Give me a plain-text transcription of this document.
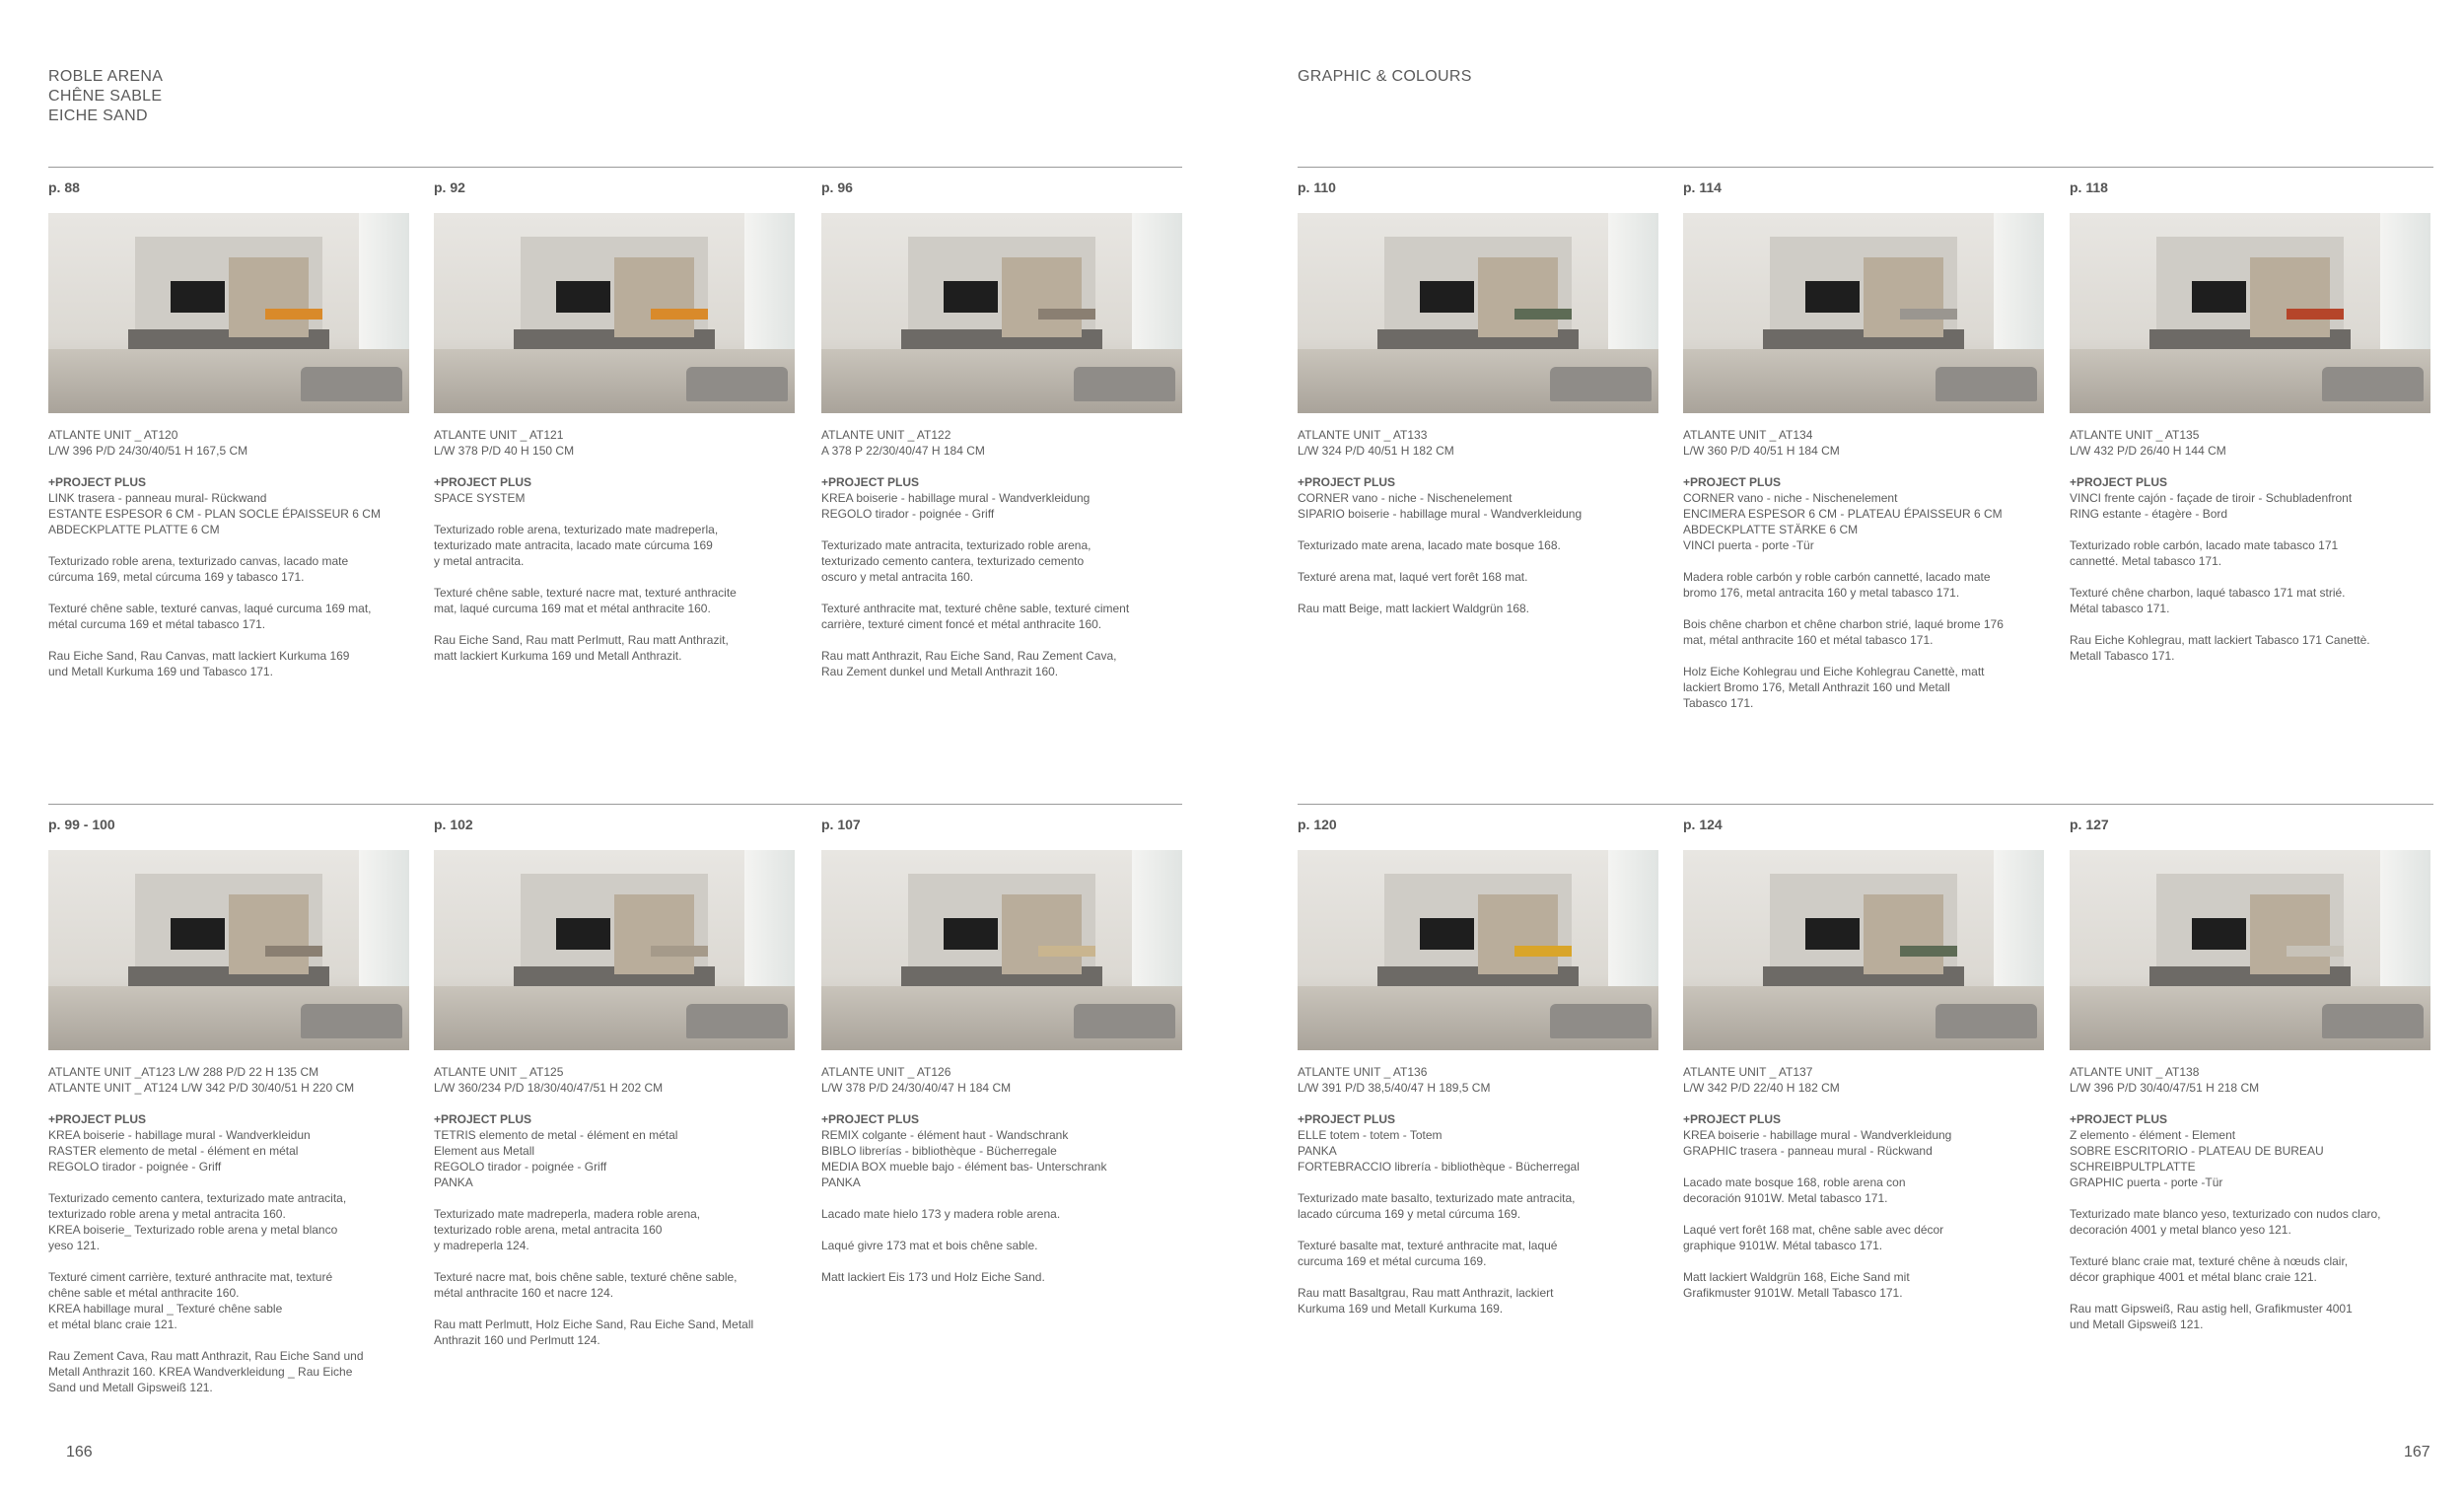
ROBLE ARENA
CHÊNE SABLE
EICHE SAND
GRAPHIC & COLOURS
p. 88
ATLANTE UNIT _ AT120
L/W 396 P/D 24/30/40/51 H 167,5 CM
+PROJECT PLUS
LINK trasera - panneau mural- Rückwand
ESTANTE ESPESOR 6 CM - PLAN SOCLE ÉPAISSEUR 6 CM
ABDECKPLATTE PLATTE 6 CM
Texturizado roble arena, texturizado canvas, lacado mate
cúrcuma 169, metal cúrcuma 169 y tabasco 171.
Texturé chêne sable, texturé canvas, laqué curcuma 169 mat,
métal curcuma 169 et métal tabasco 171.
Rau Eiche Sand, Rau Canvas, matt lackiert Kurkuma 169
und Metall Kurkuma 169 und Tabasco 171.
p. 92
ATLANTE UNIT _ AT121
L/W 378 P/D 40 H 150 CM
+PROJECT PLUS
SPACE SYSTEM
Texturizado roble arena, texturizado mate madreperla,
texturizado mate antracita, lacado mate cúrcuma 169
y metal antracita.
Texturé chêne sable, texturé nacre mat, texturé anthracite
mat, laqué curcuma 169 mat et métal anthracite 160.
Rau Eiche Sand, Rau matt Perlmutt, Rau matt Anthrazit,
matt lackiert Kurkuma 169 und Metall Anthrazit.
p. 96
ATLANTE UNIT _ AT122
A 378 P 22/30/40/47 H 184 CM
+PROJECT PLUS
KREA boiserie - habillage mural - Wandverkleidung
REGOLO tirador - poignée - Griff
Texturizado mate antracita, texturizado roble arena,
texturizado cemento cantera, texturizado cemento
oscuro y metal antracita 160.
Texturé anthracite mat, texturé chêne sable, texturé ciment
carrière, texturé ciment foncé et métal anthracite 160.
Rau matt Anthrazit, Rau Eiche Sand, Rau Zement Cava,
Rau Zement dunkel und Metall Anthrazit 160.
p. 110
ATLANTE UNIT _ AT133
L/W 324 P/D 40/51 H 182 CM
+PROJECT PLUS
CORNER vano - niche - Nischenelement
SIPARIO boiserie - habillage mural - Wandverkleidung
Texturizado mate arena, lacado mate bosque 168.
Texturé arena mat, laqué vert forêt 168 mat.
Rau matt Beige, matt lackiert Waldgrün 168.
p. 114
ATLANTE UNIT _ AT134
L/W 360 P/D 40/51 H 184 CM
+PROJECT PLUS
CORNER vano - niche - Nischenelement
ENCIMERA ESPESOR 6 CM - PLATEAU ÉPAISSEUR 6 CM
ABDECKPLATTE STÄRKE 6 CM
VINCI puerta - porte -Tür
Madera roble carbón y roble carbón cannetté, lacado mate
bromo 176, metal antracita 160 y metal tabasco 171.
Bois chêne charbon et chêne charbon strié, laqué brome 176
mat, métal anthracite 160 et métal tabasco 171.
Holz Eiche Kohlegrau und Eiche Kohlegrau Canettè, matt
lackiert Bromo 176, Metall Anthrazit 160 und Metall
Tabasco 171.
p. 118
ATLANTE UNIT _ AT135
L/W 432 P/D 26/40 H 144 CM
+PROJECT PLUS
VINCI frente cajón - façade de tiroir - Schubladenfront
RING estante - étagère - Bord
Texturizado roble carbón, lacado mate tabasco 171
cannetté. Metal tabasco 171.
Texturé chêne charbon, laqué tabasco 171 mat strié.
Métal tabasco 171.
Rau Eiche Kohlegrau, matt lackiert Tabasco 171 Canettè.
Metall Tabasco 171.
p. 99 - 100
ATLANTE UNIT _AT123 L/W 288 P/D 22 H 135 CM
ATLANTE UNIT _ AT124 L/W 342 P/D 30/40/51 H 220 CM
+PROJECT PLUS
KREA boiserie - habillage mural - Wandverkleidun
RASTER elemento de metal - élément en métal
REGOLO tirador - poignée - Griff
Texturizado cemento cantera, texturizado mate antracita,
texturizado roble arena y metal antracita 160.
KREA boiserie_ Texturizado roble arena y metal blanco
yeso 121.
Texturé ciment carrière, texturé anthracite mat, texturé
chêne sable et métal anthracite 160.
KREA habillage mural _ Texturé chêne sable
et métal blanc craie 121.
Rau Zement Cava, Rau matt Anthrazit, Rau Eiche Sand und
Metall Anthrazit 160. KREA Wandverkleidung _ Rau Eiche
Sand und Metall Gipsweiß 121.
p. 102
ATLANTE UNIT _ AT125
L/W 360/234 P/D 18/30/40/47/51 H 202 CM
+PROJECT PLUS
TETRIS elemento de metal - élément en métal
Element aus Metall
REGOLO tirador - poignée - Griff
PANKA
Texturizado mate madreperla, madera roble arena,
texturizado roble arena, metal antracita 160
y madreperla 124.
Texturé nacre mat, bois chêne sable, texturé chêne sable,
métal anthracite 160 et nacre 124.
Rau matt Perlmutt, Holz Eiche Sand, Rau Eiche Sand, Metall
Anthrazit 160 und Perlmutt 124.
p. 107
ATLANTE UNIT _ AT126
L/W 378 P/D 24/30/40/47 H 184 CM
+PROJECT PLUS
REMIX colgante - élément haut - Wandschrank
BIBLO librerías - bibliothèque - Bücherregale
MEDIA BOX mueble bajo - élément bas- Unterschrank
PANKA
Lacado mate hielo 173 y madera roble arena.
Laqué givre 173 mat et bois chêne sable.
Matt lackiert Eis 173 und Holz Eiche Sand.
p. 120
ATLANTE UNIT _ AT136
L/W 391 P/D 38,5/40/47 H 189,5 CM
+PROJECT PLUS
ELLE totem - totem - Totem
PANKA
FORTEBRACCIO librería - bibliothèque - Bücherregal
Texturizado mate basalto, texturizado mate antracita,
lacado cúrcuma 169 y metal cúrcuma 169.
Texturé basalte mat, texturé anthracite mat, laqué
curcuma 169 et métal curcuma 169.
Rau matt Basaltgrau, Rau matt Anthrazit, lackiert
Kurkuma 169 und Metall Kurkuma 169.
p. 124
ATLANTE UNIT _ AT137
L/W 342 P/D 22/40 H 182 CM
+PROJECT PLUS
KREA boiserie - habillage mural - Wandverkleidung
GRAPHIC trasera - panneau mural - Rückwand
Lacado mate bosque 168, roble arena con
decoración 9101W. Metal tabasco 171.
Laqué vert forêt 168 mat, chêne sable avec décor
graphique 9101W. Métal tabasco 171.
Matt lackiert Waldgrün 168, Eiche Sand mit
Grafikmuster 9101W. Metall Tabasco 171.
p. 127
ATLANTE UNIT _ AT138
L/W 396 P/D 30/40/47/51 H 218 CM
+PROJECT PLUS
Z elemento - élément - Element
SOBRE ESCRITORIO - PLATEAU DE BUREAU
SCHREIBPULTPLATTE
GRAPHIC puerta - porte -Tür
Texturizado mate blanco yeso, texturizado con nudos claro,
decoración 4001 y metal blanco yeso 121.
Texturé blanc craie mat, texturé chêne à nœuds clair,
décor graphique 4001 et métal blanc craie 121.
Rau matt Gipsweiß, Rau astig hell, Grafikmuster 4001
und Metall Gipsweiß 121.
166	167
